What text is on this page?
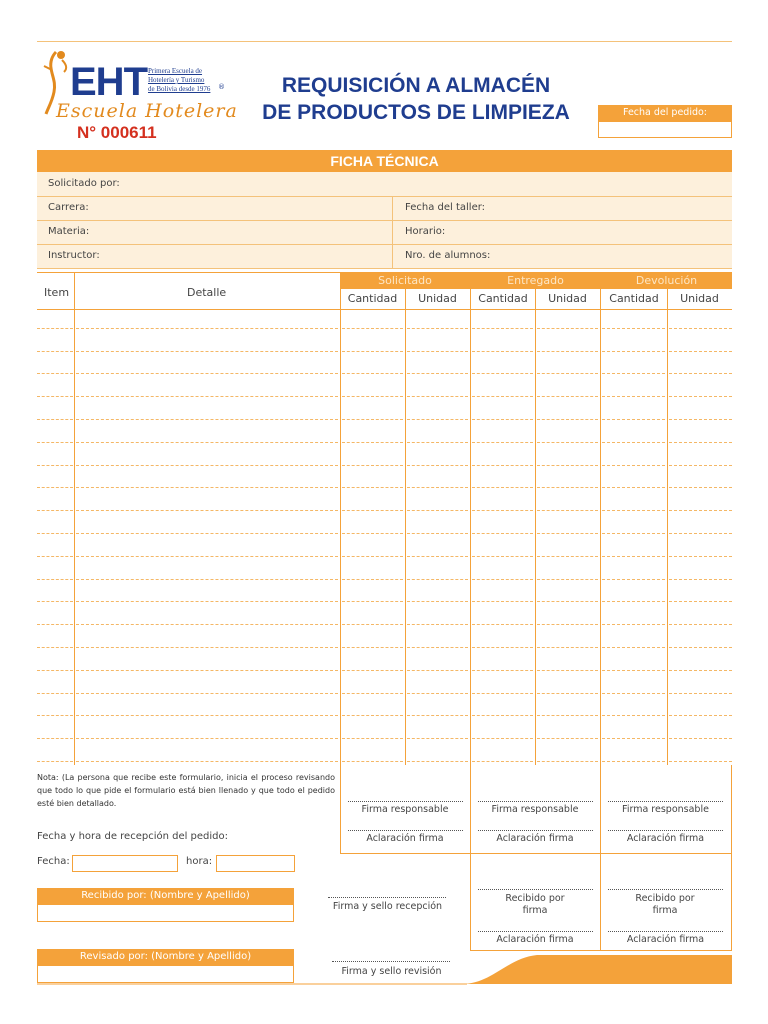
EHT Primera Escuela de
Hotelería y Turismo
de Bolivia desde 1976 ®
Escuela Hotelera
N° 000611
REQUISICIÓN A ALMACÉN
DE PRODUCTOS DE LIMPIEZA	Fecha del pedido:
FICHA TÉCNICA
Solicitado por:
Carrera:	Fecha del taller:
Materia:	Horario:
Instructor:	Nro. de alumnos:
Item	Detalle
Solicitado	Entregado	Devolución
Cantidad	Unidad	Cantidad	Unidad	Cantidad	Unidad
Firma responsable
Aclaración firma
Firma responsable
Aclaración firma
Firma responsable
Aclaración firma
Recibido por firma
Aclaración firma
Recibido por firma
Aclaración firma
Nota: (La persona que recibe este formulario, inicia el proceso revisando que todo lo que pide el formulario está bien llenado y que todo el pedido esté bien detallado.
Fecha y hora de recepción del pedido:
Fecha:	hora:
Recibido por: (Nombre y Apellido)
Firma y sello recepción
Revisado por: (Nombre y Apellido)
Firma y sello revisión
